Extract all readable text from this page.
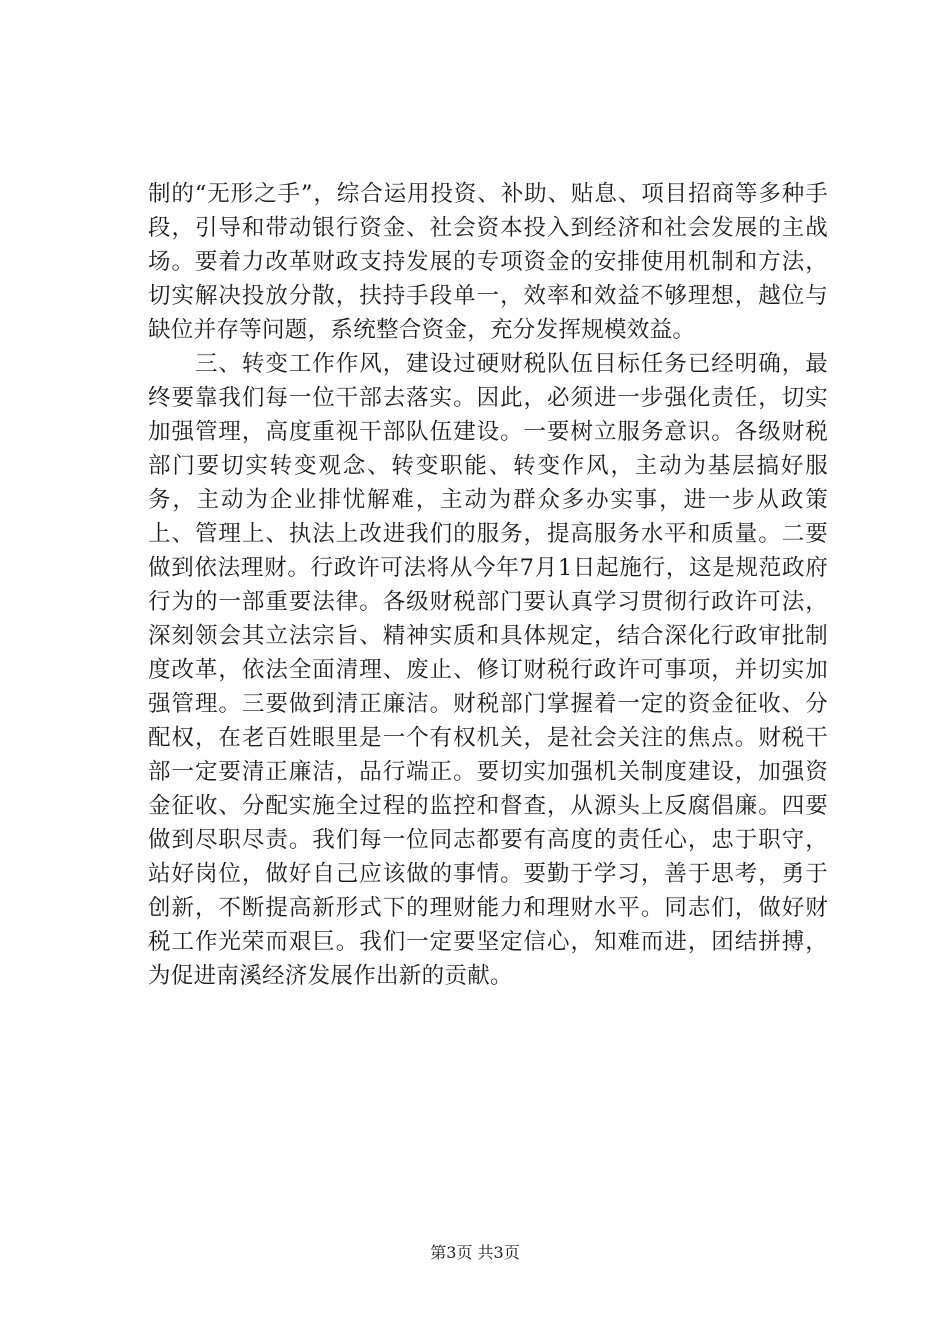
制的“无形之手”，综合运用投资、补助、贴息、项目招商等多种手段，引导和带动银行资金、社会资本投入到经济和社会发展的主战场。要着力改革财政支持发展的专项资金的安排使用机制和方法，切实解决投放分散，扶持手段单一，效率和效益不够理想，越位与缺位并存等问题，系统整合资金，充分发挥规模效益。

　　三、转变工作作风，建设过硬财税队伍目标任务已经明确，最终要靠我们每一位干部去落实。因此，必须进一步强化责任，切实加强管理，高度重视干部队伍建设。一要树立服务意识。各级财税部门要切实转变观念、转变职能、转变作风，主动为基层搞好服务，主动为企业排忧解难，主动为群众多办实事，进一步从政策上、管理上、执法上改进我们的服务，提高服务水平和质量。二要做到依法理财。行政许可法将从今年7月1日起施行，这是规范政府行为的一部重要法律。各级财税部门要认真学习贯彻行政许可法，深刻领会其立法宗旨、精神实质和具体规定，结合深化行政审批制度改革，依法全面清理、废止、修订财税行政许可事项，并切实加强管理。三要做到清正廉洁。财税部门掌握着一定的资金征收、分配权，在老百姓眼里是一个有权机关，是社会关注的焦点。财税干部一定要清正廉洁，品行端正。要切实加强机关制度建设，加强资金征收、分配实施全过程的监控和督查，从源头上反腐倡廉。四要做到尽职尽责。我们每一位同志都要有高度的责任心，忠于职守，站好岗位，做好自己应该做的事情。要勤于学习，善于思考，勇于创新，不断提高新形式下的理财能力和理财水平。同志们，做好财税工作光荣而艰巨。我们一定要坚定信心，知难而进，团结拼搏，为促进南溪经济发展作出新的贡献。

第3页 共3页
